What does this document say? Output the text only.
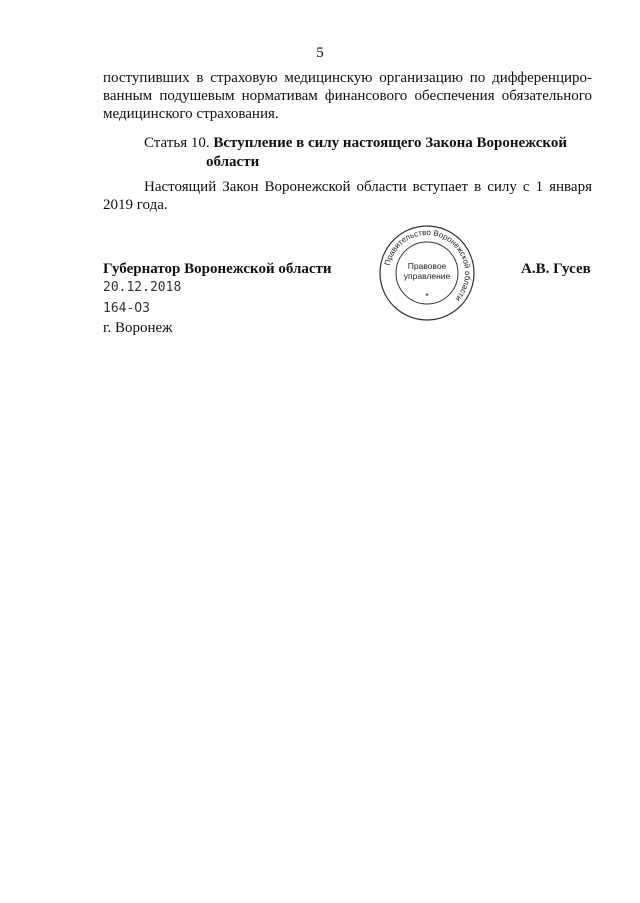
5
поступивших в страховую медицинскую организацию по дифференциро-
ванным подушевым нормативам финансового обеспечения обязательного
медицинского страхования.
Статья 10. Вступление в силу настоящего Закона Воронежской
области
Настоящий Закон Воронежской области вступает в силу с 1 января
2019 года.
Губернатор Воронежской области	Правительство Воронежской области
Правовое
управление
*
А.В. Гусев
20.12.2018
164-ОЗ
г. Воронеж
